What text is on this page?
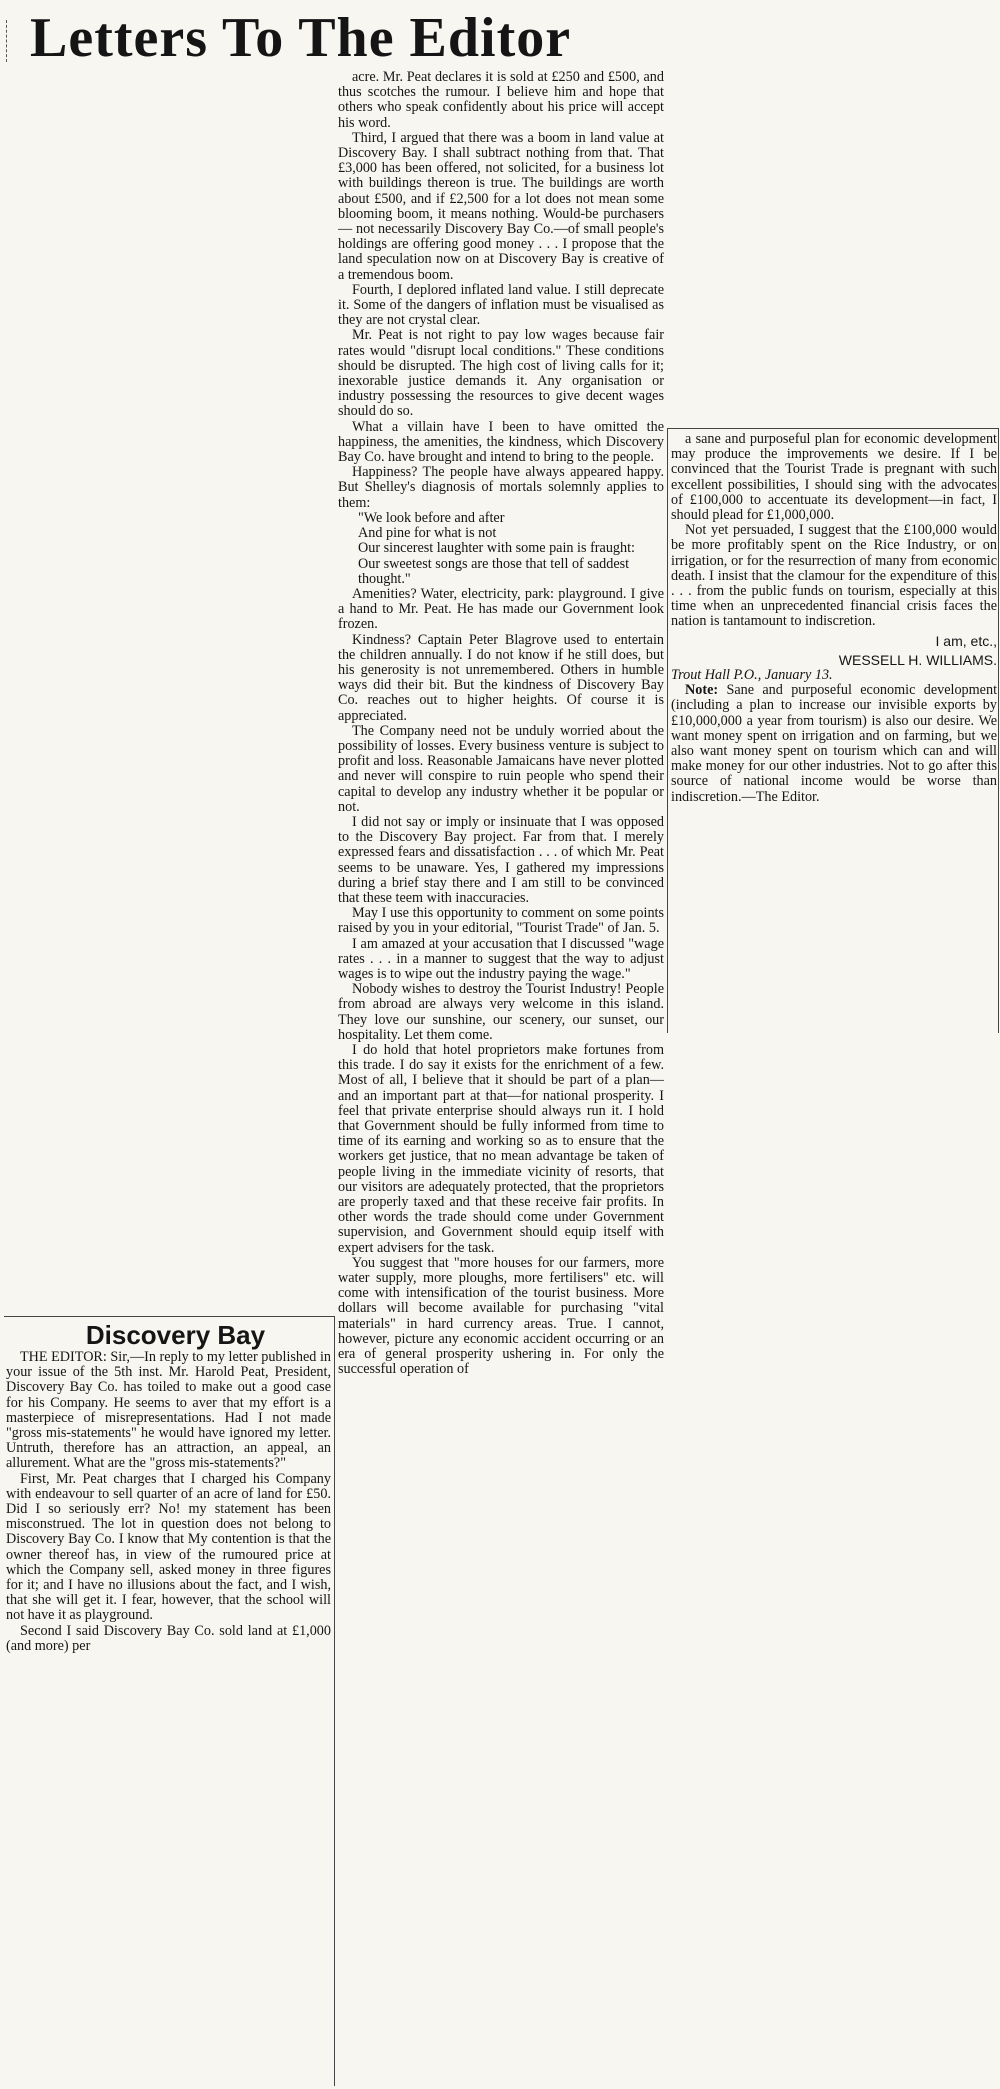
Letters To The Editor

Discovery Bay

THE EDITOR: Sir,—In reply to my letter published in your issue of the 5th inst. Mr. Harold Peat, President, Discovery Bay Co. has toiled to make out a good case for his Company. He seems to aver that my effort is a masterpiece of misrepresentations. Had I not made "gross mis-statements" he would have ignored my letter. Untruth, therefore has an attraction, an appeal, an allurement. What are the "gross mis-statements?"

First, Mr. Peat charges that I charged his Company with endeavour to sell quarter of an acre of land for £50. Did I so seriously err? No! my statement has been misconstrued. The lot in question does not belong to Discovery Bay Co. I know that My contention is that the owner thereof has, in view of the rumoured price at which the Company sell, asked money in three figures for it; and I have no illusions about the fact, and I wish, that she will get it. I fear, however, that the school will not have it as playground.

Second I said Discovery Bay Co. sold land at £1,000 (and more) per

acre. Mr. Peat declares it is sold at £250 and £500, and thus scotches the rumour. I believe him and hope that others who speak confidently about his price will accept his word.

Third, I argued that there was a boom in land value at Discovery Bay. I shall subtract nothing from that. That £3,000 has been offered, not solicited, for a business lot with buildings thereon is true. The buildings are worth about £500, and if £2,500 for a lot does not mean some blooming boom, it means nothing. Would-be purchasers — not necessarily Discovery Bay Co.—of small people's holdings are offering good money . . . I propose that the land speculation now on at Discovery Bay is creative of a tremendous boom.

Fourth, I deplored inflated land value. I still deprecate it. Some of the dangers of inflation must be visualised as they are not crystal clear.

Mr. Peat is not right to pay low wages because fair rates would "disrupt local conditions." These conditions should be disrupted. The high cost of living calls for it; inexorable justice demands it. Any organisation or industry possessing the resources to give decent wages should do so.

What a villain have I been to have omitted the happiness, the amenities, the kindness, which Discovery Bay Co. have brought and intend to bring to the people.

Happiness? The people have always appeared happy. But Shelley's diagnosis of mortals solemnly applies to them:

"We look before and after

And pine for what is not

Our sincerest laughter with some pain is fraught:

Our sweetest songs are those that tell of saddest thought."

Amenities? Water, electricity, park: playground. I give a hand to Mr. Peat. He has made our Government look frozen.

Kindness? Captain Peter Blagrove used to entertain the children annually. I do not know if he still does, but his generosity is not unremembered. Others in humble ways did their bit. But the kindness of Discovery Bay Co. reaches out to higher heights. Of course it is appreciated.

The Company need not be unduly worried about the possibility of losses. Every business venture is subject to profit and loss. Reasonable Jamaicans have never plotted and never will conspire to ruin people who spend their capital to develop any industry whether it be popular or not.

I did not say or imply or insinuate that I was opposed to the Discovery Bay project. Far from that. I merely expressed fears and dissatisfaction . . . of which Mr. Peat seems to be unaware. Yes, I gathered my impressions during a brief stay there and I am still to be convinced that these teem with inaccuracies.

May I use this opportunity to comment on some points raised by you in your editorial, "Tourist Trade" of Jan. 5.

I am amazed at your accusation that I discussed "wage rates . . . in a manner to suggest that the way to adjust wages is to wipe out the industry paying the wage."

Nobody wishes to destroy the Tourist Industry! People from abroad are always very welcome in this island. They love our sunshine, our scenery, our sunset, our hospitality. Let them come.

I do hold that hotel proprietors make fortunes from this trade. I do say it exists for the enrichment of a few. Most of all, I believe that it should be part of a plan—and an important part at that—for national prosperity. I feel that private enterprise should always run it. I hold that Government should be fully informed from time to time of its earning and working so as to ensure that the workers get justice, that no mean advantage be taken of people living in the immediate vicinity of resorts, that our visitors are adequately protected, that the proprietors are properly taxed and that these receive fair profits. In other words the trade should come under Government supervision, and Government should equip itself with expert advisers for the task.

You suggest that "more houses for our farmers, more water supply, more ploughs, more fertilisers" etc. will come with intensification of the tourist business. More dollars will become available for purchasing "vital materials" in hard currency areas. True. I cannot, however, picture any economic accident occurring or an era of general prosperity ushering in. For only the successful operation of

a sane and purposeful plan for economic development may produce the improvements we desire. If I be convinced that the Tourist Trade is pregnant with such excellent possibilities, I should sing with the advocates of £100,000 to accentuate its development—in fact, I should plead for £1,000,000.

Not yet persuaded, I suggest that the £100,000 would be more profitably spent on the Rice Industry, or on irrigation, or for the resurrection of many from economic death. I insist that the clamour for the expenditure of this . . . from the public funds on tourism, especially at this time when an unprecedented financial crisis faces the nation is tantamount to indiscretion.

I am, etc.,

WESSELL H. WILLIAMS.

Trout Hall P.O., January 13.

Note: Sane and purposeful economic development (including a plan to increase our invisible exports by £10,000,000 a year from tourism) is also our desire. We want money spent on irrigation and on farming, but we also want money spent on tourism which can and will make money for our other industries. Not to go after this source of national income would be worse than indiscretion.—The Editor.
